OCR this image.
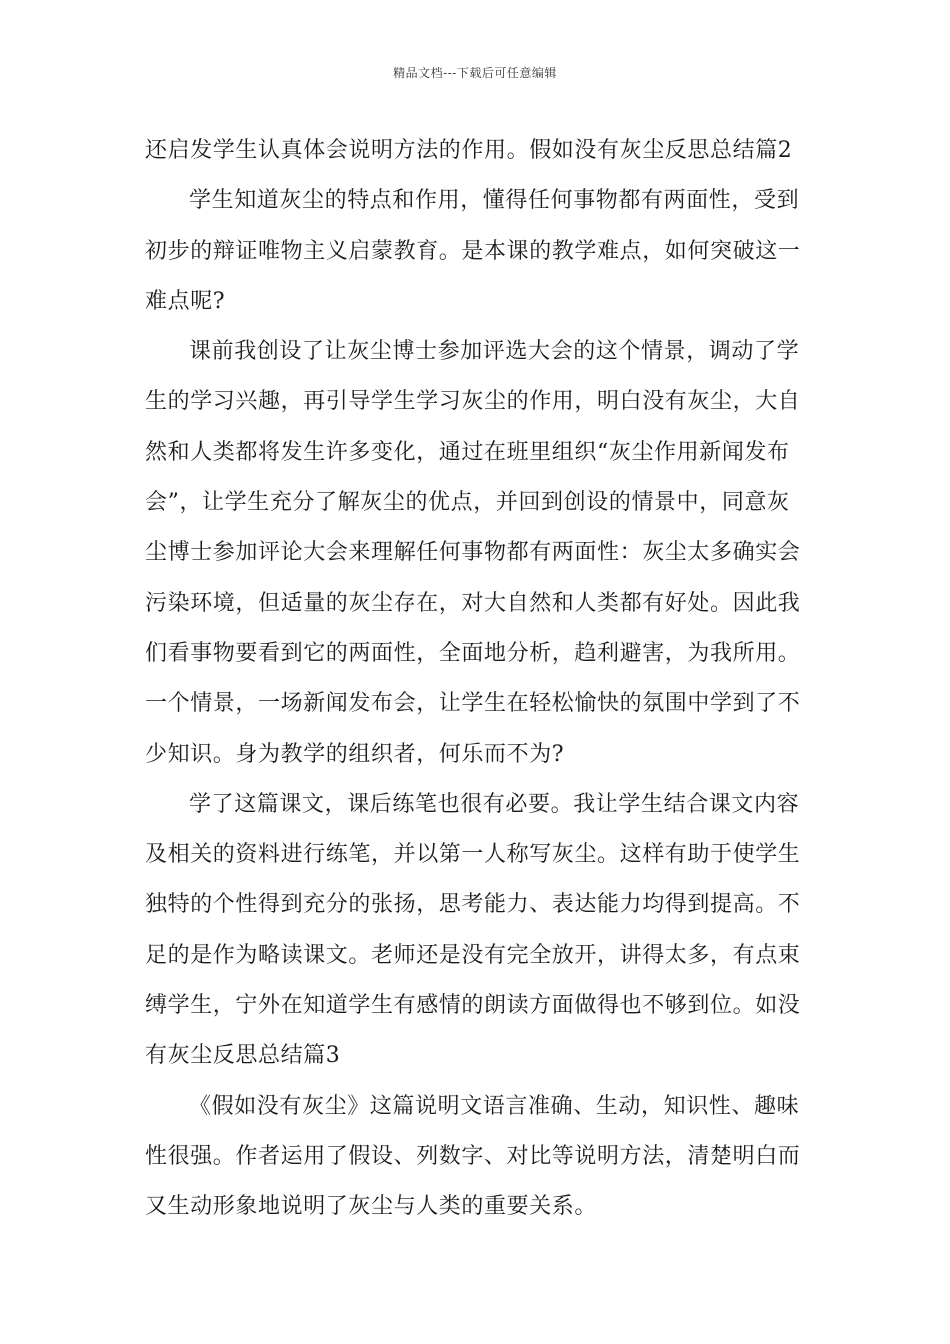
精品文档---下载后可任意编辑
还启发学生认真体会说明方法的作用。假如没有灰尘反思总结篇2
学生知道灰尘的特点和作用，懂得任何事物都有两面性，受到
初步的辩证唯物主义启蒙教育。是本课的教学难点，如何突破这一
难点呢?
课前我创设了让灰尘博士参加评选大会的这个情景，调动了学
生的学习兴趣，再引导学生学习灰尘的作用，明白没有灰尘，大自
然和人类都将发生许多变化，通过在班里组织“灰尘作用新闻发布
会”，让学生充分了解灰尘的优点，并回到创设的情景中，同意灰
尘博士参加评论大会来理解任何事物都有两面性：灰尘太多确实会
污染环境，但适量的灰尘存在，对大自然和人类都有好处。因此我
们看事物要看到它的两面性，全面地分析，趋利避害，为我所用。
一个情景，一场新闻发布会，让学生在轻松愉快的氛围中学到了不
少知识。身为教学的组织者，何乐而不为?
学了这篇课文，课后练笔也很有必要。我让学生结合课文内容
及相关的资料进行练笔，并以第一人称写灰尘。这样有助于使学生
独特的个性得到充分的张扬，思考能力、表达能力均得到提高。不
足的是作为略读课文。老师还是没有完全放开，讲得太多，有点束
缚学生，宁外在知道学生有感情的朗读方面做得也不够到位。如没
有灰尘反思总结篇3
《假如没有灰尘》这篇说明文语言准确、生动，知识性、趣味
性很强。作者运用了假设、列数字、对比等说明方法，清楚明白而
又生动形象地说明了灰尘与人类的重要关系。
